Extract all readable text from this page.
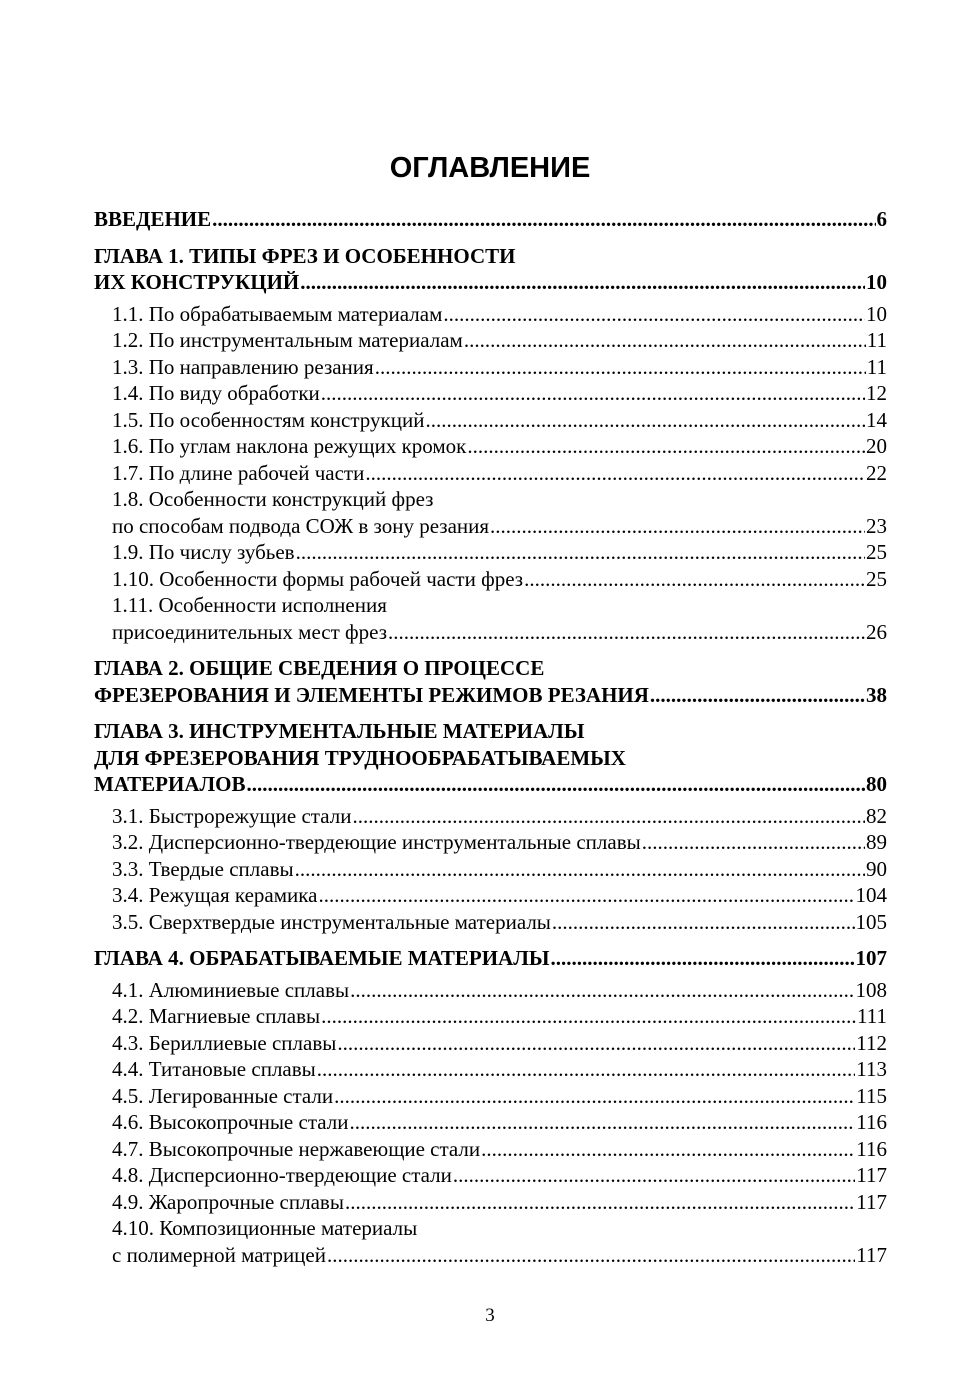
ОГЛАВЛЕНИЕ
ВВЕДЕНИЕ .....	6
ГЛАВА 1. ТИПЫ ФРЕЗ И ОСОБЕННОСТИ
ИХ КОНСТРУКЦИЙ .....	10
1.1. По обрабатываемым материалам .....	10
1.2. По инструментальным материалам .....	11
1.3. По направлению резания .....	11
1.4. По виду обработки .....	12
1.5. По особенностям конструкций .....	14
1.6. По углам наклона режущих кромок .....	20
1.7. По длине рабочей части .....	22
1.8. Особенности конструкций фрез
по способам подвода СОЖ в зону резания .....	23
1.9. По числу зубьев .....	25
1.10. Особенности формы рабочей части фрез .....	25
1.11. Особенности исполнения
присоединительных мест фрез .....	26
ГЛАВА 2. ОБЩИЕ СВЕДЕНИЯ О ПРОЦЕССЕ
ФРЕЗЕРОВАНИЯ И ЭЛЕМЕНТЫ РЕЖИМОВ РЕЗАНИЯ .....	38
ГЛАВА 3. ИНСТРУМЕНТАЛЬНЫЕ МАТЕРИАЛЫ
ДЛЯ ФРЕЗЕРОВАНИЯ ТРУДНООБРАБАТЫВАЕМЫХ
МАТЕРИАЛОВ .....	80
3.1. Быстрорежущие стали .....	82
3.2. Дисперсионно-твердеющие инструментальные сплавы .....	89
3.3. Твердые сплавы .....	90
3.4. Режущая керамика .....	104
3.5. Сверхтвердые инструментальные материалы .....	105
ГЛАВА 4. ОБРАБАТЫВАЕМЫЕ МАТЕРИАЛЫ .....	107
4.1. Алюминиевые сплавы .....	108
4.2. Магниевые сплавы .....	111
4.3. Бериллиевые сплавы .....	112
4.4. Титановые сплавы .....	113
4.5. Легированные стали .....	115
4.6. Высокопрочные стали .....	116
4.7. Высокопрочные нержавеющие стали .....	116
4.8. Дисперсионно-твердеющие стали .....	117
4.9. Жаропрочные сплавы .....	117
4.10. Композиционные материалы
с полимерной матрицей .....	117
3
